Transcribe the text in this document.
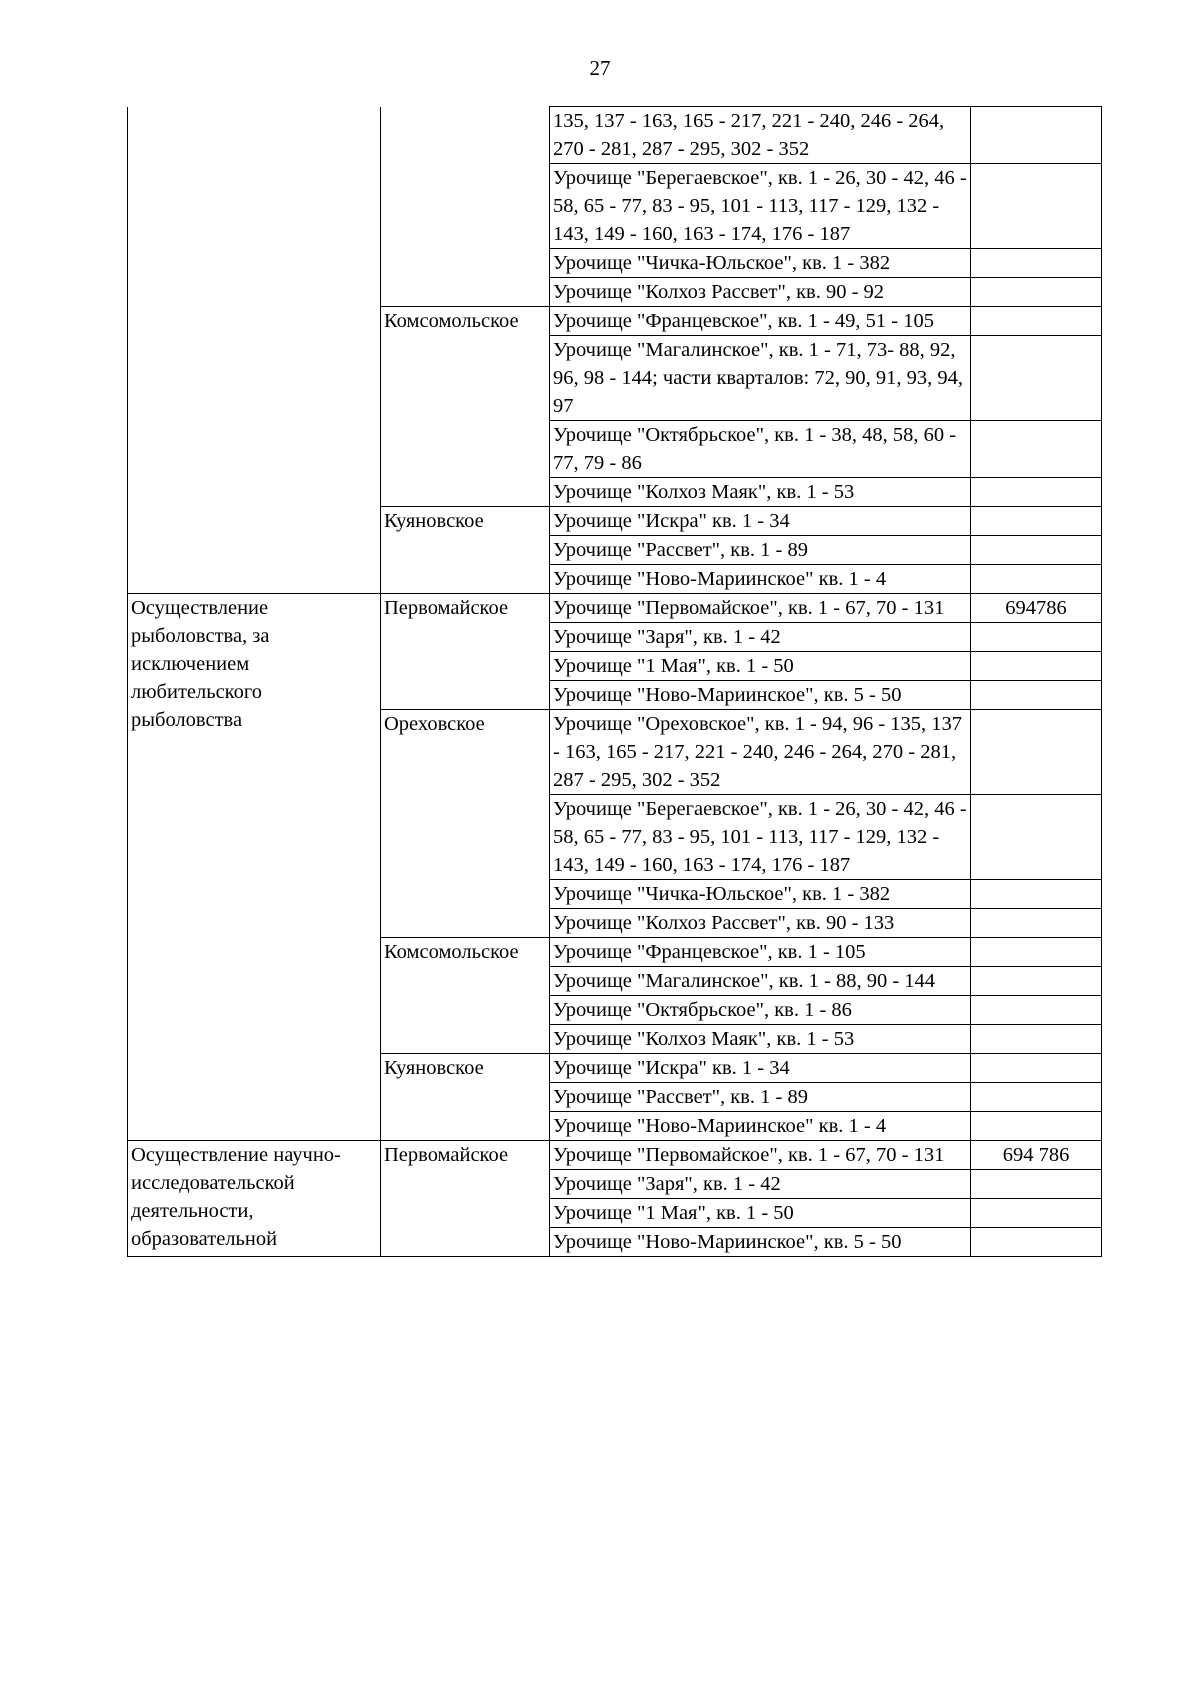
27
		135, 137 - 163, 165 - 217, 221 - 240, 246 - 264, 270 - 281, 287 - 295, 302 - 352	
		Урочище "Берегаевское", кв. 1 - 26, 30 - 42, 46 - 58, 65 - 77, 83 - 95, 101 - 113, 117 - 129, 132 - 143, 149 - 160, 163 - 174, 176 - 187	
		Урочище "Чичка-Юльское", кв. 1 - 382	
		Урочище "Колхоз Рассвет", кв. 90 - 92	
	Комсомольское	Урочище "Францевское", кв. 1 - 49, 51 - 105	
		Урочище "Магалинское", кв. 1 - 71, 73- 88, 92, 96, 98 - 144; части кварталов: 72, 90, 91, 93, 94, 97	
		Урочище "Октябрьское", кв. 1 - 38, 48, 58, 60 - 77, 79 - 86	
		Урочище "Колхоз Маяк", кв. 1 - 53	
	Куяновское	Урочище "Искра" кв. 1 - 34	
		Урочище "Рассвет", кв. 1 - 89	
		Урочище "Ново-Мариинское" кв. 1 - 4	
Осуществление рыболовства, за исключением любительского рыболовства	Первомайское	Урочище "Первомайское", кв. 1 - 67, 70 - 131	694786
		Урочище "Заря", кв. 1 - 42	
		Урочище "1 Мая", кв. 1 - 50	
		Урочище "Ново-Мариинское", кв. 5 - 50	
	Ореховское	Урочище "Ореховское", кв. 1 - 94, 96 - 135, 137 - 163, 165 - 217, 221 - 240, 246 - 264, 270 - 281, 287 - 295, 302 - 352	
		Урочище "Берегаевское", кв. 1 - 26, 30 - 42, 46 - 58, 65 - 77, 83 - 95, 101 - 113, 117 - 129, 132 - 143, 149 - 160, 163 - 174, 176 - 187	
		Урочище "Чичка-Юльское", кв. 1 - 382	
		Урочище "Колхоз Рассвет", кв. 90 - 133	
	Комсомольское	Урочище "Францевское", кв. 1 - 105	
		Урочище "Магалинское", кв. 1 - 88, 90 - 144	
		Урочище "Октябрьское", кв. 1 - 86	
		Урочище "Колхоз Маяк", кв. 1 - 53	
	Куяновское	Урочище "Искра" кв. 1 - 34	
		Урочище "Рассвет", кв. 1 - 89	
		Урочище "Ново-Мариинское" кв. 1 - 4	
Осуществление научно-исследовательской деятельности, образовательной	Первомайское	Урочище "Первомайское", кв. 1 - 67, 70 - 131	694 786
		Урочище "Заря", кв. 1 - 42	
		Урочище "1 Мая", кв. 1 - 50	
		Урочище "Ново-Мариинское", кв. 5 - 50	
